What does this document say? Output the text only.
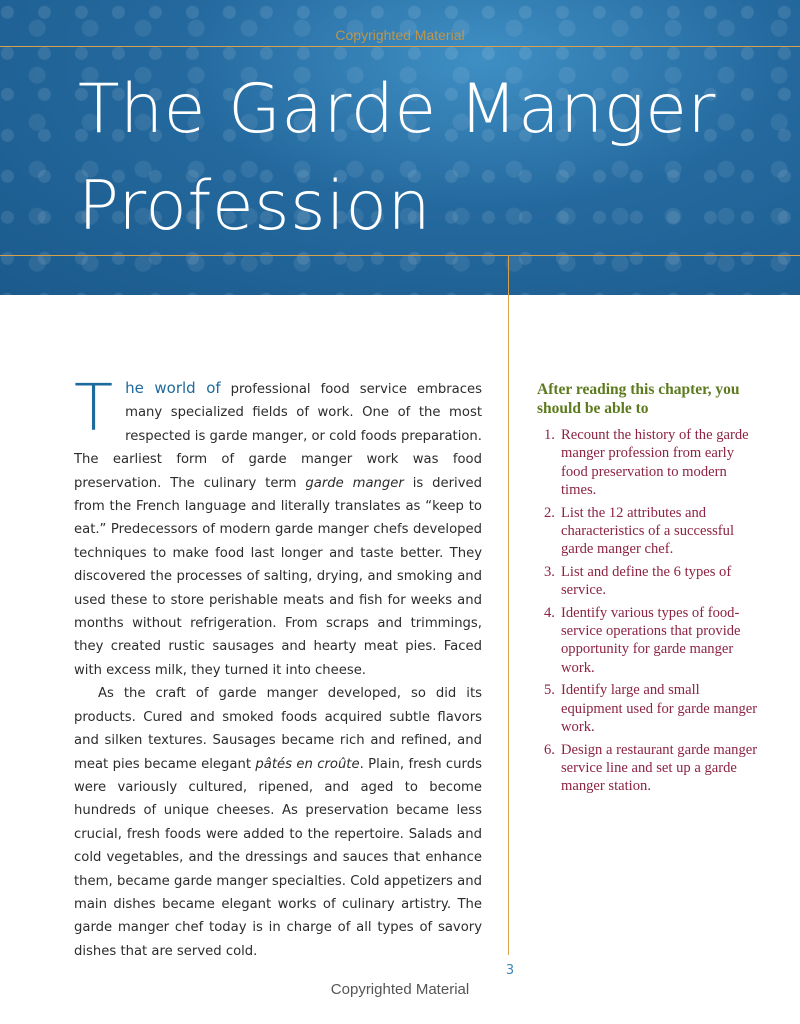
Copyrighted Material
The Garde Manger
Profession

The world of professional food service embraces many specialized fields of work. One of the most respected is garde manger, or cold foods preparation. The earliest form of garde manger work was food preservation. The culinary term garde manger is derived from the French language and literally translates as “keep to eat.” Predecessors of modern garde manger chefs developed techniques to make food last longer and taste better. They discovered the processes of salting, drying, and smoking and used these to store perishable meats and fish for weeks and months without refrigeration. From scraps and trimmings, they created rustic sausages and hearty meat pies. Faced with excess milk, they turned it into cheese.

As the craft of garde manger developed, so did its products. Cured and smoked foods acquired subtle flavors and silken textures. Sausages became rich and refined, and meat pies became elegant pâtés en croûte. Plain, fresh curds were variously cultured, ripened, and aged to become hundreds of unique cheeses. As preservation became less crucial, fresh foods were added to the repertoire. Salads and cold vegetables, and the dressings and sauces that enhance them, became garde manger specialties. Cold appetizers and main dishes became elegant works of culinary artistry. The garde manger chef today is in charge of all types of savory dishes that are served cold.

After reading this chapter, you should be able to
1. Recount the history of the garde manger profession from early food preservation to modern times.
2. List the 12 attributes and characteristics of a successful garde manger chef.
3. List and define the 6 types of service.
4. Identify various types of food-service operations that provide opportunity for garde manger work.
5. Identify large and small equipment used for garde manger work.
6. Design a restaurant garde manger service line and set up a garde manger station.
3
Copyrighted Material
